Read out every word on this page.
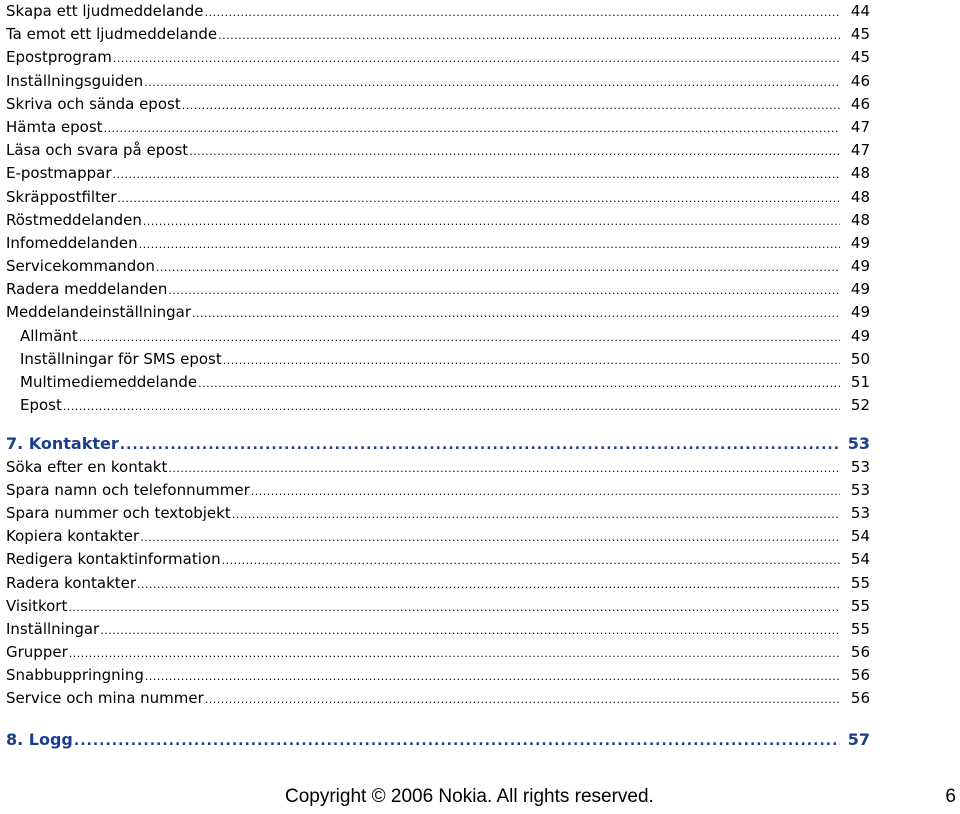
Skapa ett ljudmeddelande .....	44
Ta emot ett ljudmeddelande .....	45
Epostprogram .....	45
Inställningsguiden .....	46
Skriva och sända epost .....	46
Hämta epost .....	47
Läsa och svara på epost .....	47
E-postmappar .....	48
Skräppostfilter .....	48
Röstmeddelanden .....	48
Infomeddelanden .....	49
Servicekommandon .....	49
Radera meddelanden .....	49
Meddelandeinställningar .....	49
Allmänt .....	49
Inställningar för SMS epost .....	50
Multimediemeddelande .....	51
Epost .....	52
7. Kontakter .....	53
Söka efter en kontakt .....	53
Spara namn och telefonnummer .....	53
Spara nummer och textobjekt .....	53
Kopiera kontakter .....	54
Redigera kontaktinformation .....	54
Radera kontakter .....	55
Visitkort .....	55
Inställningar .....	55
Grupper .....	56
Snabbuppringning .....	56
Service och mina nummer .....	56
8. Logg .....	57
Copyright © 2006 Nokia. All rights reserved.	6
